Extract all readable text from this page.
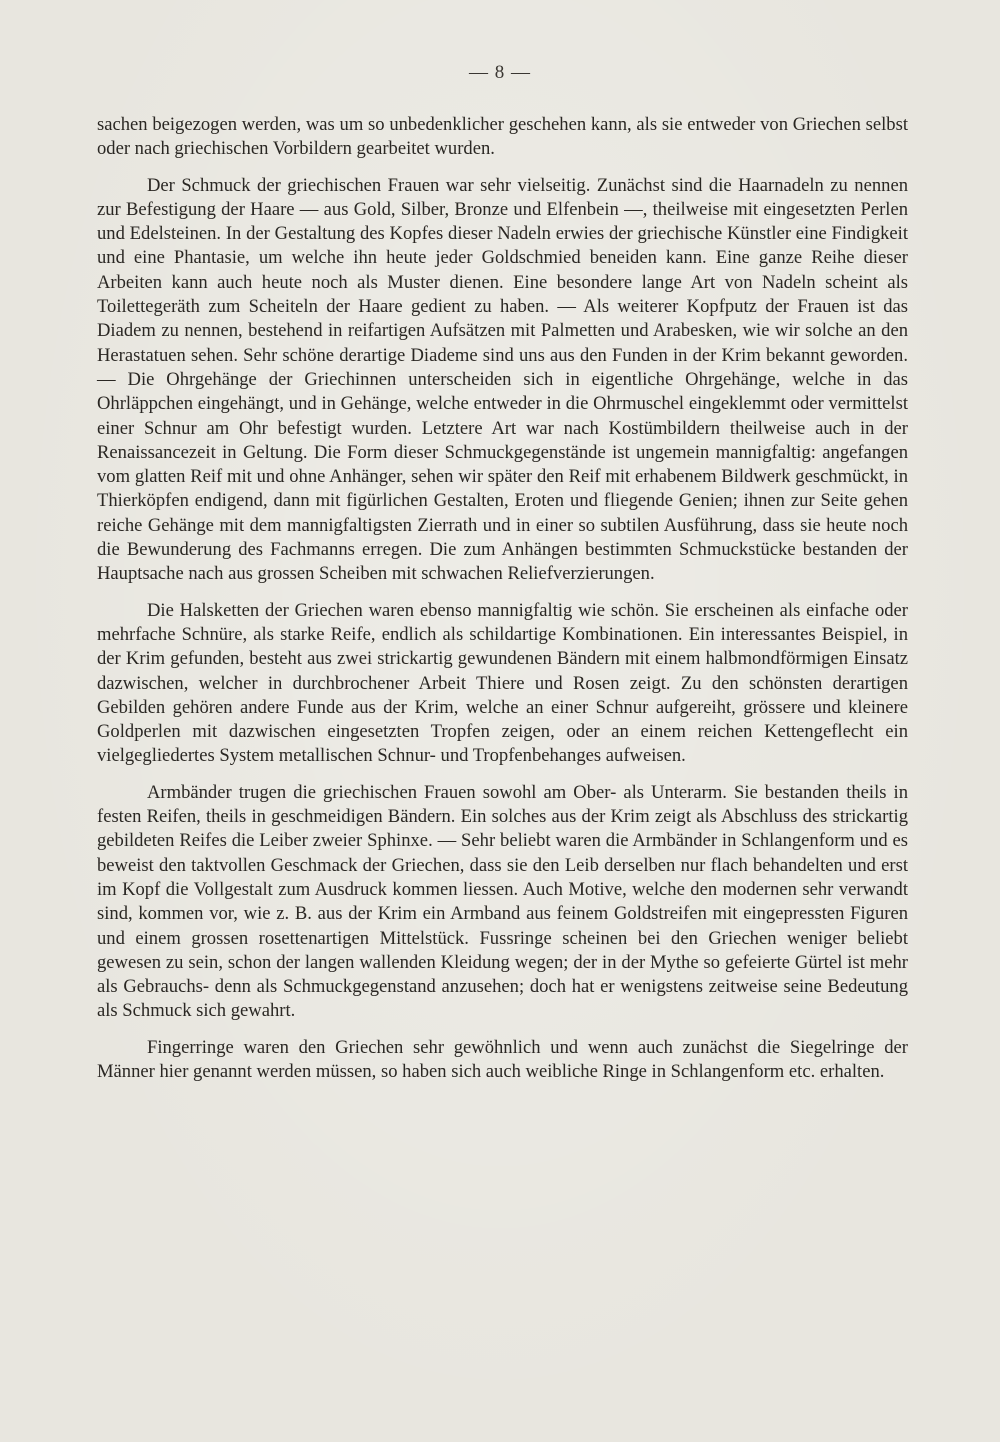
— 8 —

sachen beigezogen werden, was um so unbedenklicher geschehen kann, als sie entweder von Griechen selbst oder nach griechischen Vorbildern gearbeitet wurden.

Der Schmuck der griechischen Frauen war sehr vielseitig. Zunächst sind die Haarnadeln zu nennen zur Befestigung der Haare — aus Gold, Silber, Bronze und Elfenbein —, theilweise mit eingesetzten Perlen und Edelsteinen. In der Gestaltung des Kopfes dieser Nadeln erwies der griechische Künstler eine Findigkeit und eine Phantasie, um welche ihn heute jeder Goldschmied beneiden kann. Eine ganze Reihe dieser Arbeiten kann auch heute noch als Muster dienen. Eine besondere lange Art von Nadeln scheint als Toilettegeräth zum Scheiteln der Haare gedient zu haben. — Als weiterer Kopfputz der Frauen ist das Diadem zu nennen, bestehend in reifartigen Aufsätzen mit Palmetten und Arabesken, wie wir solche an den Herastatuen sehen. Sehr schöne derartige Diademe sind uns aus den Funden in der Krim bekannt geworden. — Die Ohrgehänge der Griechinnen unterscheiden sich in eigentliche Ohrgehänge, welche in das Ohrläppchen eingehängt, und in Gehänge, welche entweder in die Ohrmuschel eingeklemmt oder vermittelst einer Schnur am Ohr befestigt wurden. Letztere Art war nach Kostümbildern theilweise auch in der Renaissancezeit in Geltung. Die Form dieser Schmuckgegenstände ist ungemein mannigfaltig: angefangen vom glatten Reif mit und ohne Anhänger, sehen wir später den Reif mit erhabenem Bildwerk geschmückt, in Thierköpfen endigend, dann mit figürlichen Gestalten, Eroten und fliegende Genien; ihnen zur Seite gehen reiche Gehänge mit dem mannigfaltigsten Zierrath und in einer so subtilen Ausführung, dass sie heute noch die Bewunderung des Fachmanns erregen. Die zum Anhängen bestimmten Schmuckstücke bestanden der Hauptsache nach aus grossen Scheiben mit schwachen Reliefverzierungen.

Die Halsketten der Griechen waren ebenso mannigfaltig wie schön. Sie erscheinen als einfache oder mehrfache Schnüre, als starke Reife, endlich als schildartige Kombinationen. Ein interessantes Beispiel, in der Krim gefunden, besteht aus zwei strickartig gewundenen Bändern mit einem halbmondförmigen Einsatz dazwischen, welcher in durchbrochener Arbeit Thiere und Rosen zeigt. Zu den schönsten derartigen Gebilden gehören andere Funde aus der Krim, welche an einer Schnur aufgereiht, grössere und kleinere Goldperlen mit dazwischen eingesetzten Tropfen zeigen, oder an einem reichen Kettengeflecht ein vielgegliedertes System metallischen Schnur- und Tropfenbehanges aufweisen.

Armbänder trugen die griechischen Frauen sowohl am Ober- als Unterarm. Sie bestanden theils in festen Reifen, theils in geschmeidigen Bändern. Ein solches aus der Krim zeigt als Abschluss des strickartig gebildeten Reifes die Leiber zweier Sphinxe. — Sehr beliebt waren die Armbänder in Schlangenform und es beweist den taktvollen Geschmack der Griechen, dass sie den Leib derselben nur flach behandelten und erst im Kopf die Vollgestalt zum Ausdruck kommen liessen. Auch Motive, welche den modernen sehr verwandt sind, kommen vor, wie z. B. aus der Krim ein Armband aus feinem Goldstreifen mit eingepressten Figuren und einem grossen rosettenartigen Mittelstück. Fussringe scheinen bei den Griechen weniger beliebt gewesen zu sein, schon der langen wallenden Kleidung wegen; der in der Mythe so gefeierte Gürtel ist mehr als Gebrauchs- denn als Schmuckgegenstand anzusehen; doch hat er wenigstens zeitweise seine Bedeutung als Schmuck sich gewahrt.

Fingerringe waren den Griechen sehr gewöhnlich und wenn auch zunächst die Siegelringe der Männer hier genannt werden müssen, so haben sich auch weibliche Ringe in Schlangenform etc. erhalten.
